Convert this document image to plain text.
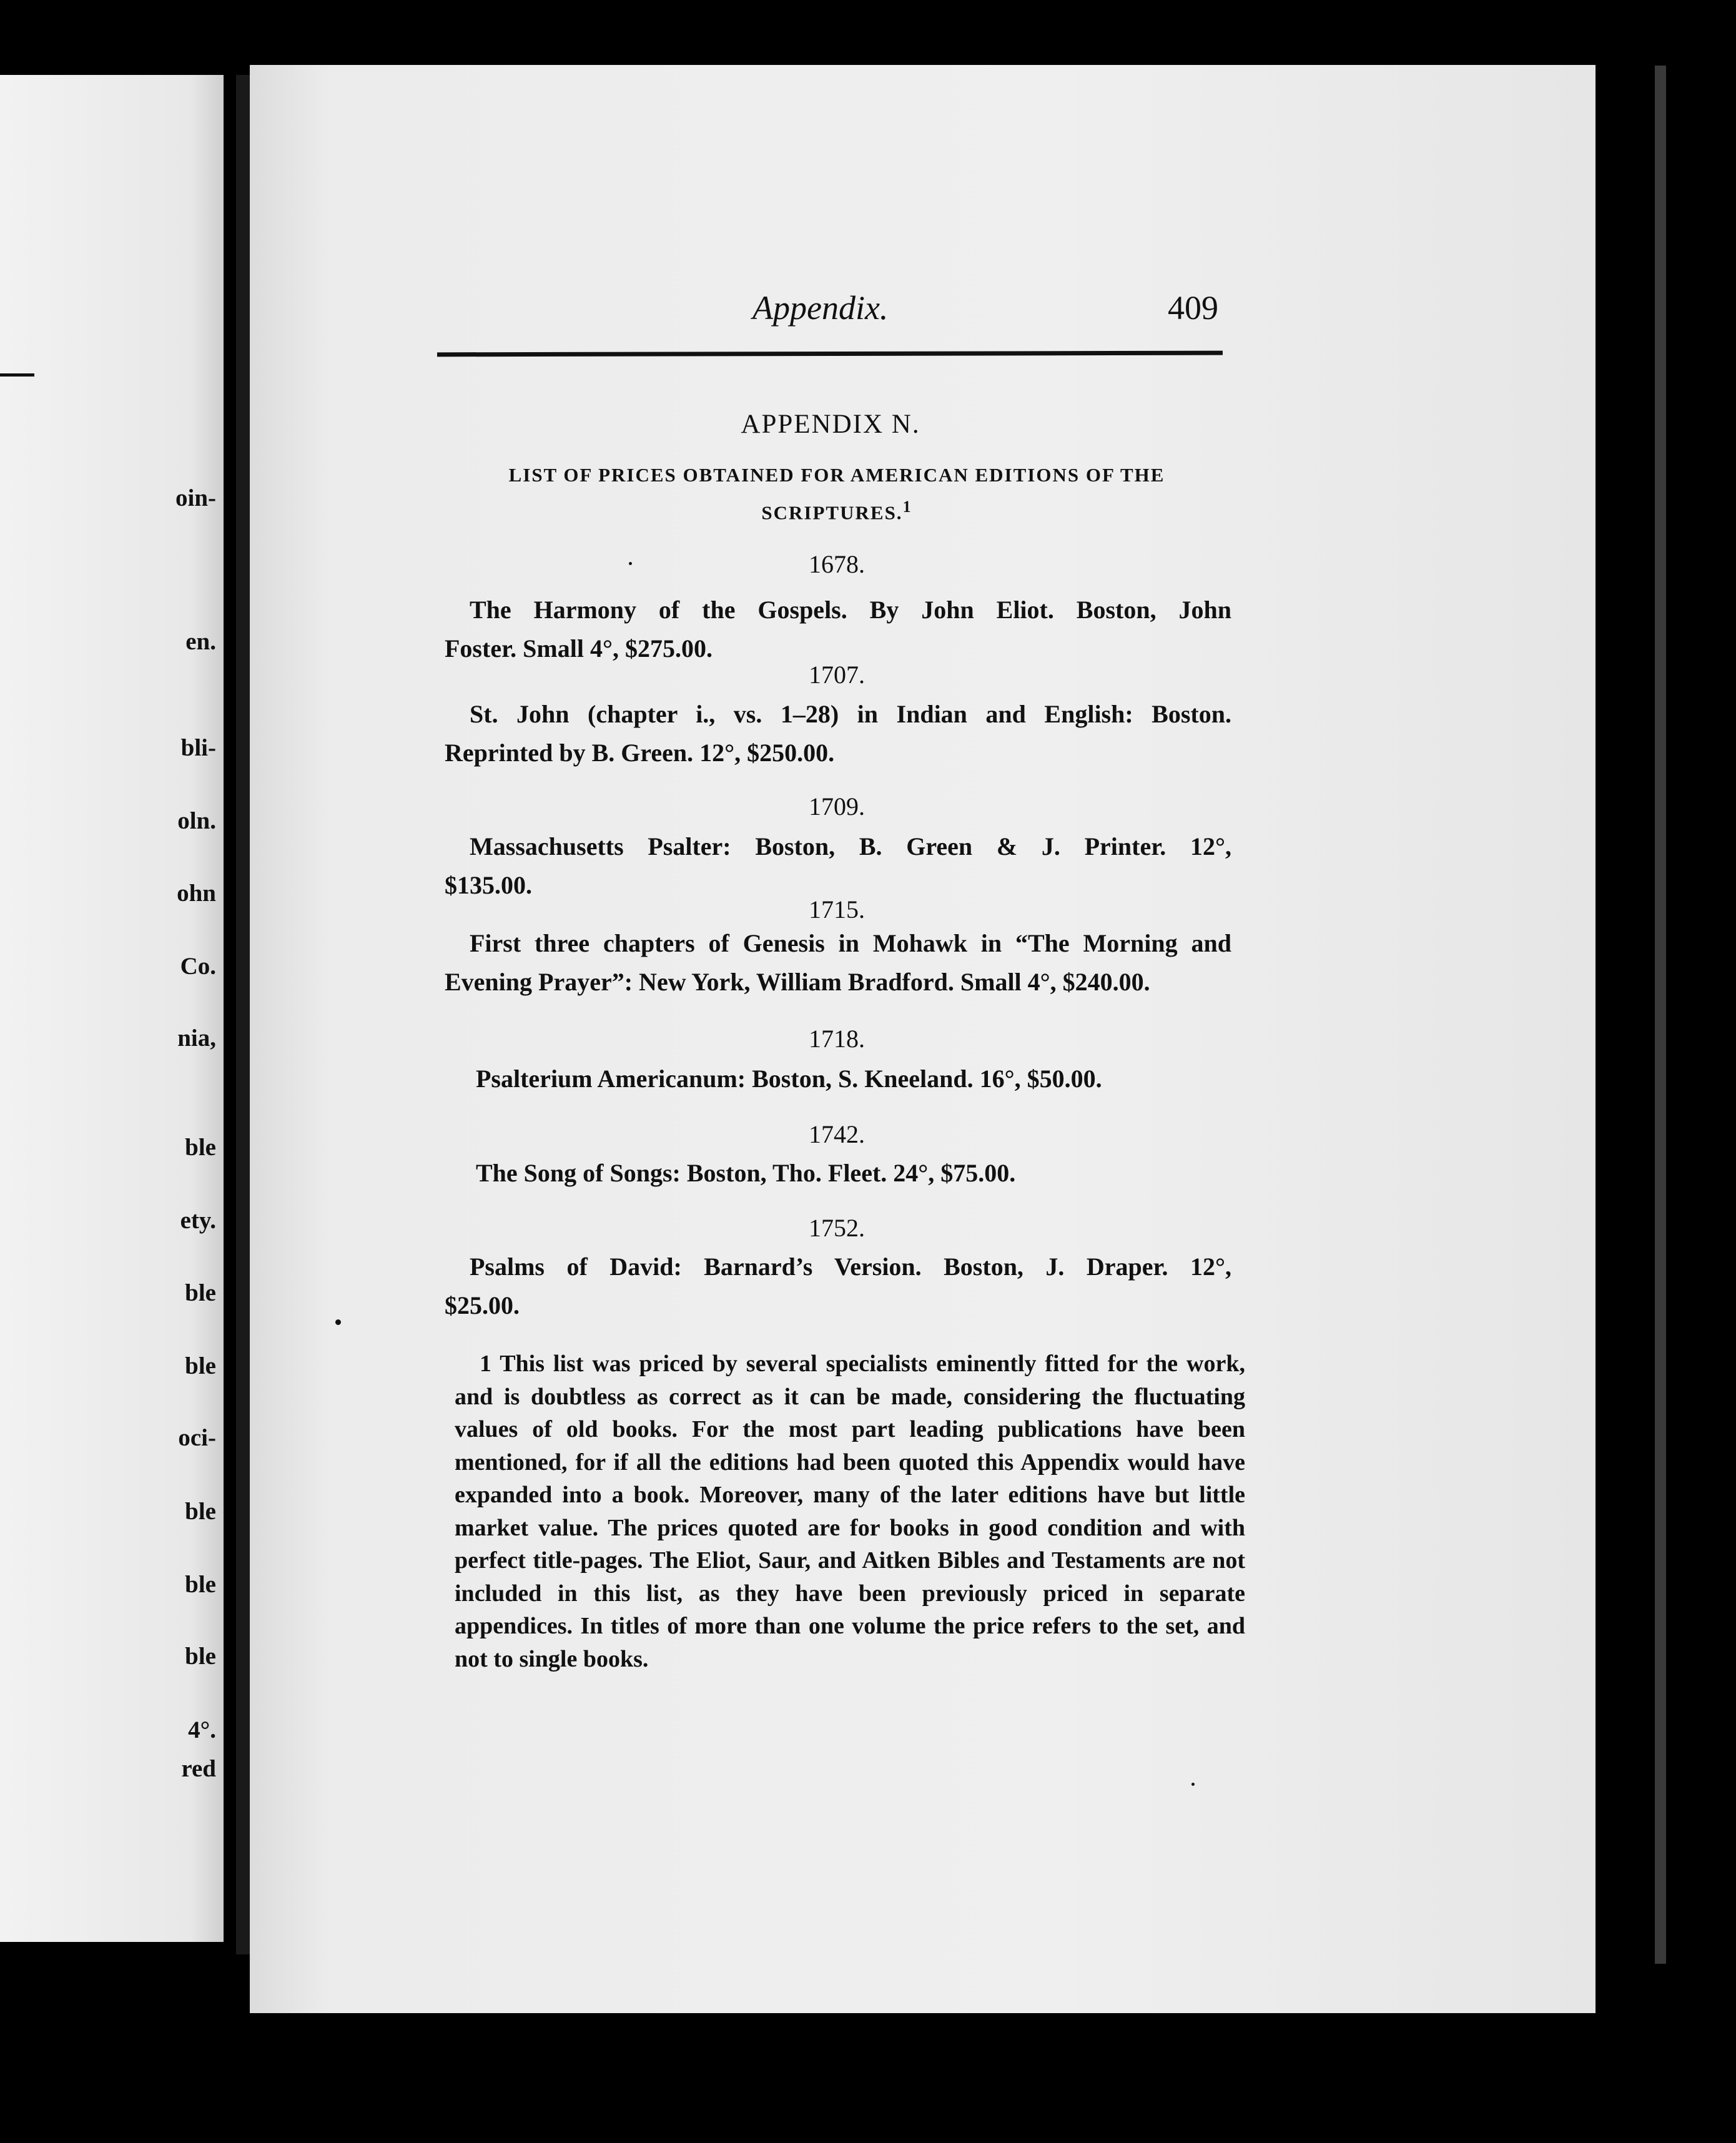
oin-
en.
bli-
oln.
ohn
Co.
nia,
ble
ety.
ble
ble
oci-
ble
ble
ble
4°.
red
Appendix.	409
APPENDIX N.
LIST OF PRICES OBTAINED FOR AMERICAN EDITIONS OF THE SCRIPTURES.$^1$
1678.
The Harmony of the Gospels. By John Eliot. Boston, John
Foster. Small 4°, $275.00.
1707.
St. John (chapter i., vs. 1–28) in Indian and English: Boston.
Reprinted by B. Green. 12°, $250.00.
1709.
Massachusetts Psalter: Boston, B. Green & J. Printer. 12°,
$135.00.
1715.
First three chapters of Genesis in Mohawk in “The Morning and
Evening Prayer”: New York, William Bradford. Small 4°, $240.00.
1718.
Psalterium Americanum: Boston, S. Kneeland. 16°, $50.00.
1742.
The Song of Songs: Boston, Tho. Fleet. 24°, $75.00.
1752.
Psalms of David: Barnard’s Version. Boston, J. Draper. 12°,
$25.00.
1 This list was priced by several specialists eminently fitted for the work, and is doubtless as correct as it can be made, considering the fluctuating values of old books. For the most part leading publications have been mentioned, for if all the editions had been quoted this Appendix would have expanded into a book. Moreover, many of the later editions have but little market value. The prices quoted are for books in good condition and with perfect title-pages. The Eliot, Saur, and Aitken Bibles and Testaments are not included in this list, as they have been previously priced in separate appendices. In titles of more than one volume the price refers to the set, and not to single books.
